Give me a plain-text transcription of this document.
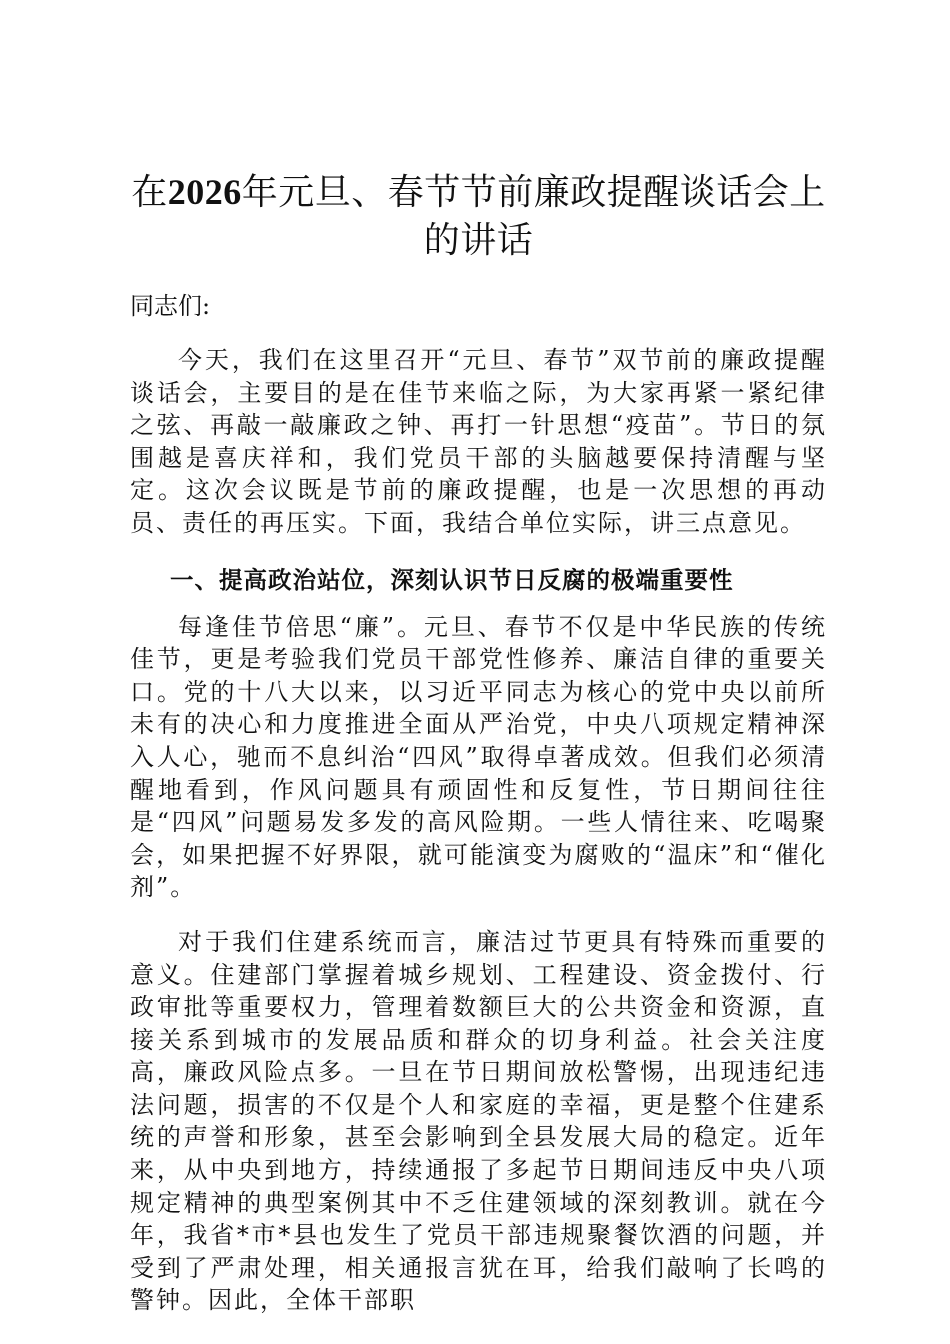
在2026年元旦、春节节前廉政提醒谈话会上
的讲话

同志们:

今天，我们在这里召开“元旦、春节”双节前的廉政提醒谈话会，主要目的是在佳节来临之际，为大家再紧一紧纪律之弦、再敲一敲廉政之钟、再打一针思想“疫苗”。节日的氛围越是喜庆祥和，我们党员干部的头脑越要保持清醒与坚定。这次会议既是节前的廉政提醒，也是一次思想的再动员、责任的再压实。下面，我结合单位实际，讲三点意见。

一、提高政治站位，深刻认识节日反腐的极端重要性

每逢佳节倍思“廉”。元旦、春节不仅是中华民族的传统佳节，更是考验我们党员干部党性修养、廉洁自律的重要关口。党的十八大以来，以习近平同志为核心的党中央以前所未有的决心和力度推进全面从严治党，中央八项规定精神深入人心，驰而不息纠治“四风”取得卓著成效。但我们必须清醒地看到，作风问题具有顽固性和反复性，节日期间往往是“四风”问题易发多发的高风险期。一些人情往来、吃喝聚会，如果把握不好界限，就可能演变为腐败的“温床”和“催化剂”。

对于我们住建系统而言，廉洁过节更具有特殊而重要的意义。住建部门掌握着城乡规划、工程建设、资金拨付、行政审批等重要权力，管理着数额巨大的公共资金和资源，直接关系到城市的发展品质和群众的切身利益。社会关注度高，廉政风险点多。一旦在节日期间放松警惕，出现违纪违法问题，损害的不仅是个人和家庭的幸福，更是整个住建系统的声誉和形象，甚至会影响到全县发展大局的稳定。近年来，从中央到地方，持续通报了多起节日期间违反中央八项规定精神的典型案例其中不乏住建领域的深刻教训。就在今年，我省*市*县也发生了党员干部违规聚餐饮酒的问题，并受到了严肃处理，相关通报言犹在耳，给我们敲响了长鸣的警钟。因此，全体干部职
